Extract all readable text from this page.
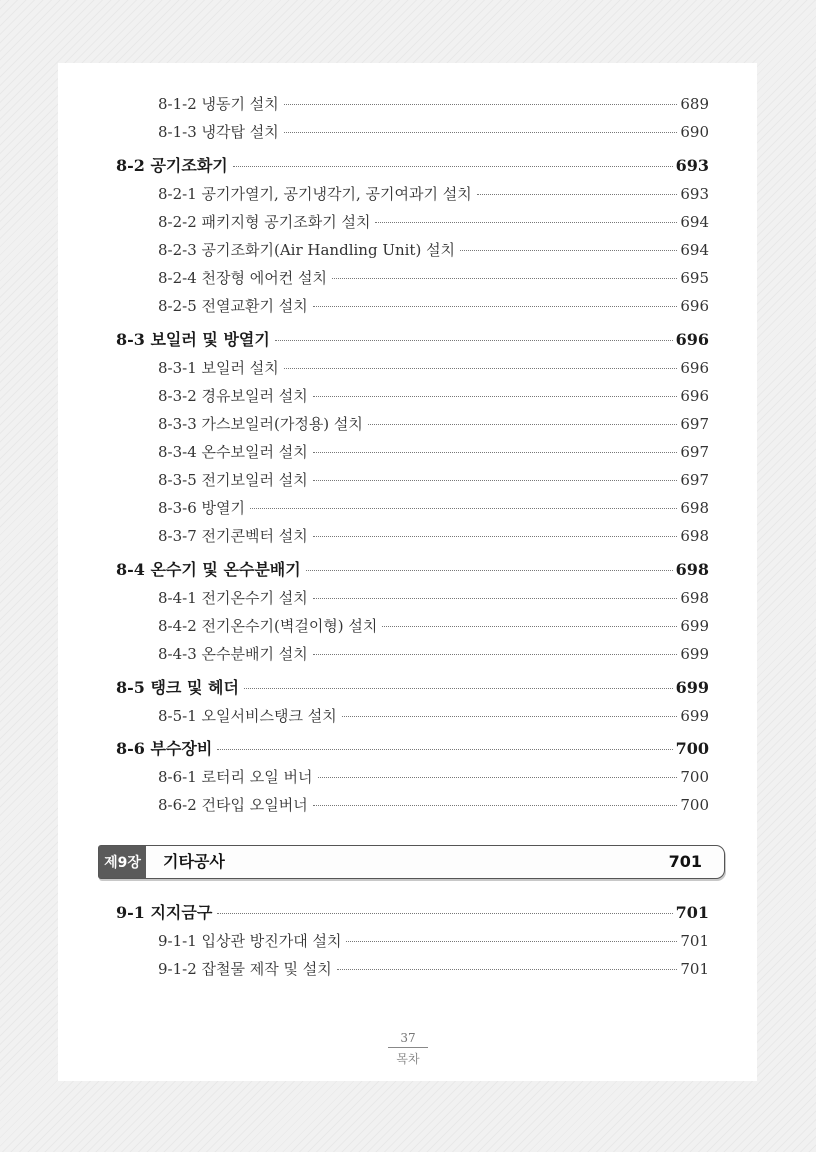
8-1-2 냉동기 설치	689
8-1-3 냉각탑 설치	690
8-2 공기조화기	693
8-2-1 공기가열기, 공기냉각기, 공기여과기 설치	693
8-2-2 패키지형 공기조화기 설치	694
8-2-3 공기조화기(Air Handling Unit) 설치	694
8-2-4 천장형 에어컨 설치	695
8-2-5 전열교환기 설치	696
8-3 보일러 및 방열기	696
8-3-1 보일러 설치	696
8-3-2 경유보일러 설치	696
8-3-3 가스보일러(가정용) 설치	697
8-3-4 온수보일러 설치	697
8-3-5 전기보일러 설치	697
8-3-6 방열기	698
8-3-7 전기콘벡터 설치	698
8-4 온수기 및 온수분배기	698
8-4-1 전기온수기 설치	698
8-4-2 전기온수기(벽걸이형) 설치	699
8-4-3 온수분배기 설치	699
8-5 탱크 및 헤더	699
8-5-1 오일서비스탱크 설치	699
8-6 부수장비	700
8-6-1 로터리 오일 버너	700
8-6-2 건타입 오일버너	700
제9장	기타공사	701
9-1 지지금구	701
9-1-1 입상관 방진가대 설치	701
9-1-2 잡철물 제작 및 설치	701
37
목차
